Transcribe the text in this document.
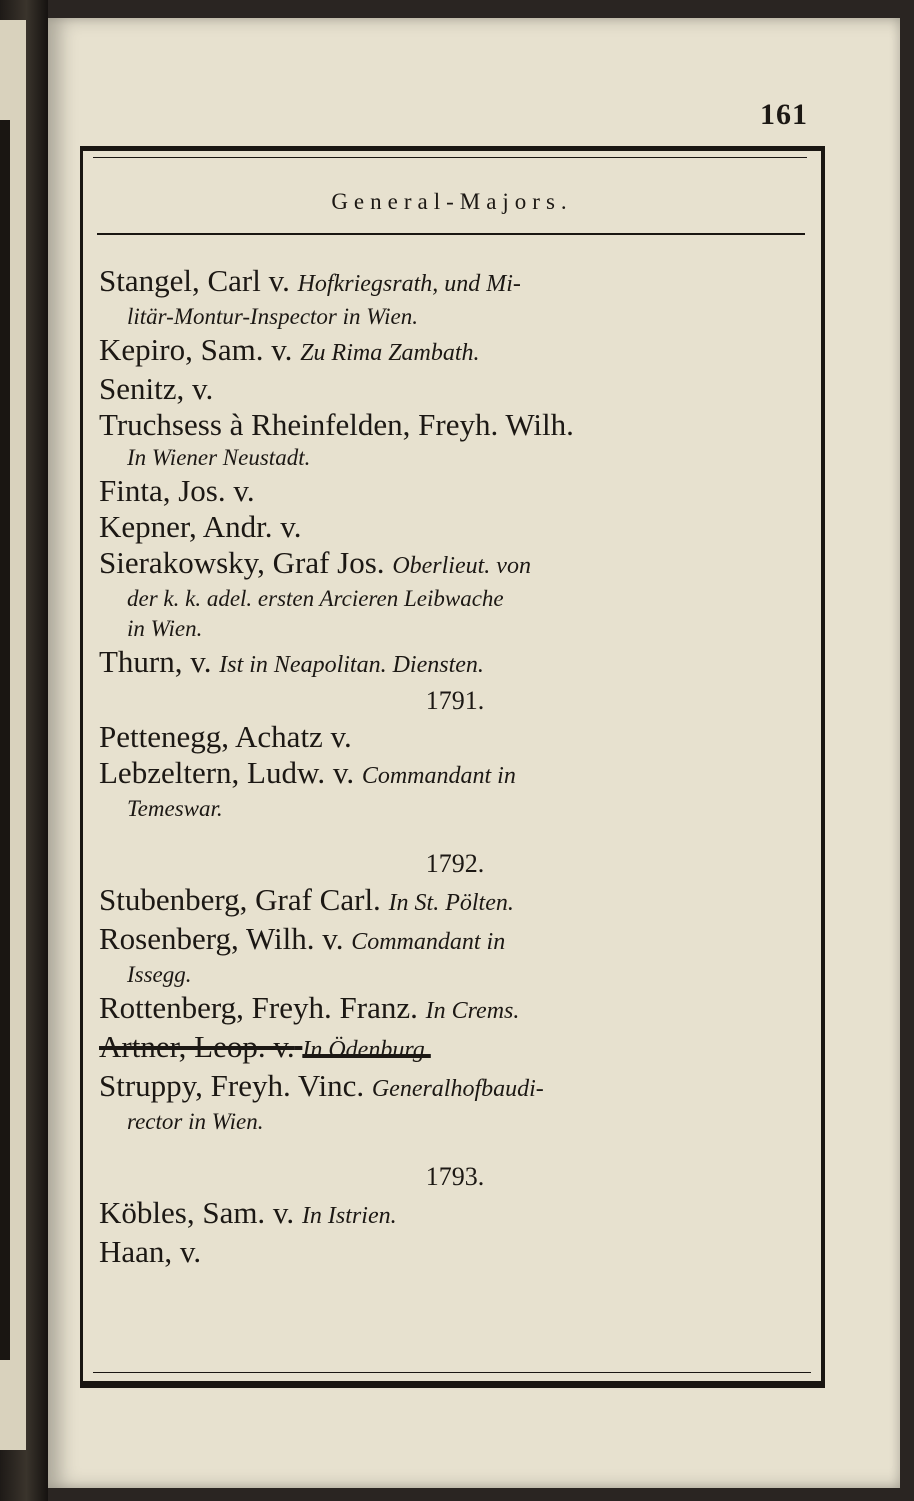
161
General-Majors.
Stangel, Carl v. Hofkriegsrath, und Mi-
litär-Montur-Inspector in Wien.
Kepiro, Sam. v. Zu Rima Zambath.
Senitz, v.
Truchsess à Rheinfelden, Freyh. Wilh.
In Wiener Neustadt.
Finta, Jos. v.
Kepner, Andr. v.
Sierakowsky, Graf Jos. Oberlieut. von
der k. k. adel. ersten Arcieren Leibwache
in Wien.
Thurn, v. Ist in Neapolitan. Diensten.
1791.
Pettenegg, Achatz v.
Lebzeltern, Ludw. v. Commandant in
Temeswar.
1792.
Stubenberg, Graf Carl. In St. Pölten.
Rosenberg, Wilh. v. Commandant in
Issegg.
Rottenberg, Freyh. Franz. In Crems.
Artner, Leop. v. In Ödenburg.
Struppy, Freyh. Vinc. Generalhofbaudi-
rector in Wien.
1793.
Köbles, Sam. v. In Istrien.
Haan, v.
